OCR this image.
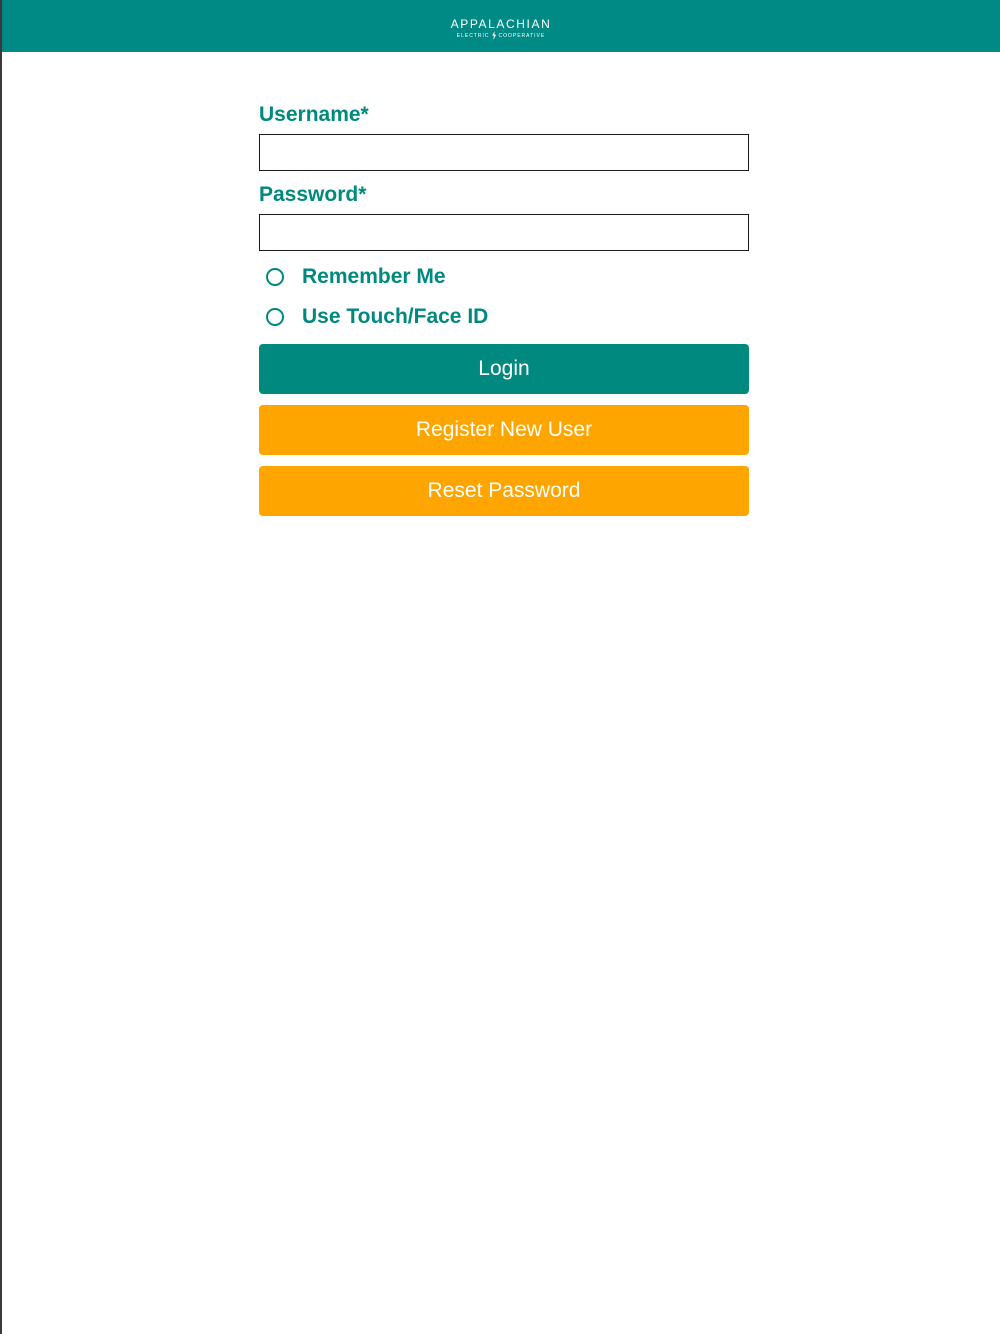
APPALACHIAN
ELECTRIC COOPERATIVE
Username*
Password*
Remember Me
Use Touch/Face ID
Login
Register New User
Reset Password
